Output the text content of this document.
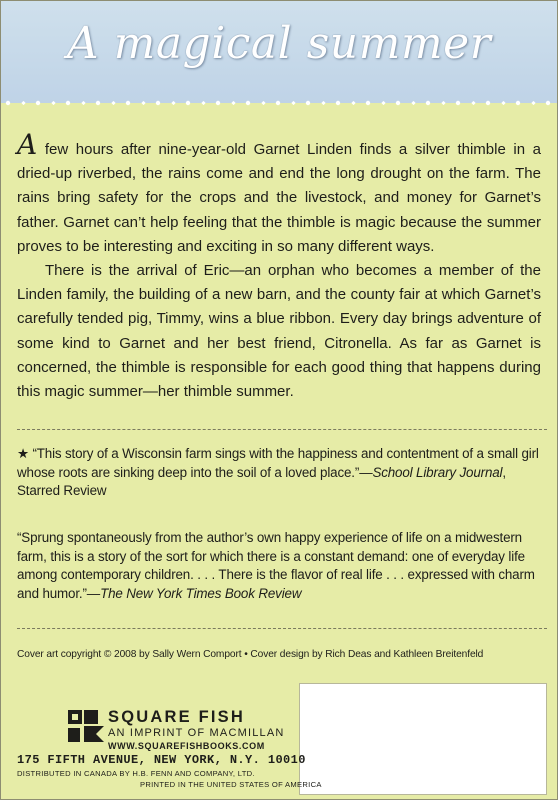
A magical summer

A few hours after nine-year-old Garnet Linden finds a silver thimble in a dried-up riverbed, the rains come and end the long drought on the farm. The rains bring safety for the crops and the livestock, and money for Garnet’s father. Garnet can’t help feeling that the thimble is magic because the summer proves to be interesting and exciting in so many different ways.

There is the arrival of Eric—an orphan who becomes a member of the Linden family, the building of a new barn, and the county fair at which Garnet’s carefully tended pig, Timmy, wins a blue ribbon. Every day brings adventure of some kind to Garnet and her best friend, Citronella. As far as Garnet is concerned, the thimble is responsible for each good thing that happens during this magic summer—her thimble summer.

★ “This story of a Wisconsin farm sings with the happiness and contentment of a small girl whose roots are sinking deep into the soil of a loved place.”—School Library Journal, Starred Review

“Sprung spontaneously from the author’s own happy experience of life on a midwestern farm, this is a story of the sort for which there is a constant demand: one of everyday life among contemporary children. . . . There is the flavor of real life . . . expressed with charm and humor.”—The New York Times Book Review

Cover art copyright © 2008 by Sally Wern Comport • Cover design by Rich Deas and Kathleen Breitenfeld

SQUARE FISH

AN IMPRINT OF MACMILLAN

WWW.SQUAREFISHBOOKS.COM

175 FIFTH AVENUE, NEW YORK, N.Y. 10010

DISTRIBUTED IN CANADA BY H.B. FENN AND COMPANY, LTD.

PRINTED IN THE UNITED STATES OF AMERICA
